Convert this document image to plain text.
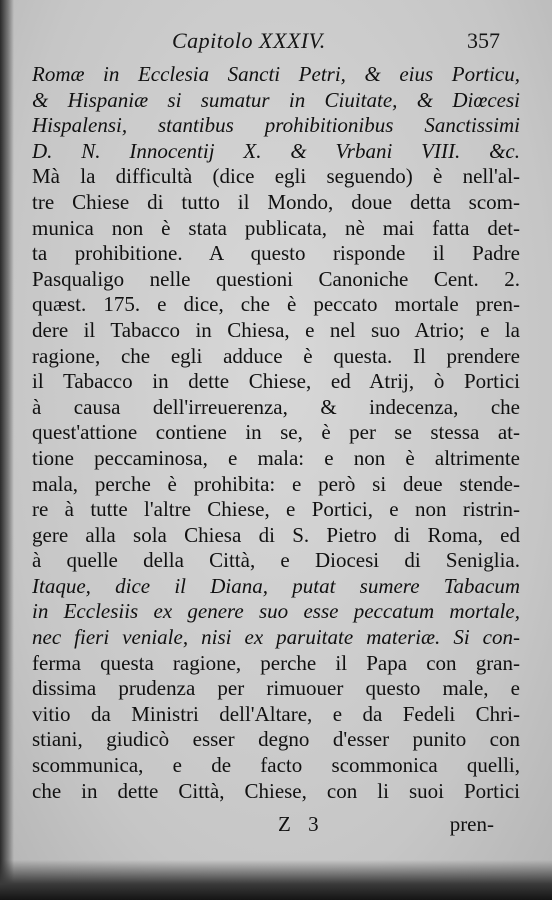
Capitolo XXXIV.	357
Romæ in Ecclesia Sancti Petri, & eius Porticu,
& Hispaniæ si sumatur in Ciuitate, & Diœcesi
Hispalensi, stantibus prohibitionibus Sanctissimi
D. N. Innocentij X. & Vrbani VIII. &c.
Mà la difficultà (dice egli seguendo) è nell'al-
tre Chiese di tutto il Mondo, doue detta scom-
munica non è stata publicata, nè mai fatta det-
ta prohibitione. A questo risponde il Padre
Pasqualigo nelle questioni Canoniche Cent. 2.
quæst. 175. e dice, che è peccato mortale pren-
dere il Tabacco in Chiesa, e nel suo Atrio; e la
ragione, che egli adduce è questa. Il prendere
il Tabacco in dette Chiese, ed Atrij, ò Portici
à causa dell'irreuerenza, & indecenza, che
quest'attione contiene in se, è per se stessa at-
tione peccaminosa, e mala: e non è altrimente
mala, perche è prohibita: e però si deue stende-
re à tutte l'altre Chiese, e Portici, e non ristrin-
gere alla sola Chiesa di S. Pietro di Roma, ed
à quelle della Città, e Diocesi di Seniglia.
Itaque, dice il Diana, putat sumere Tabacum
in Ecclesiis ex genere suo esse peccatum mortale,
nec fieri veniale, nisi ex paruitate materiæ. Si con-
ferma questa ragione, perche il Papa con gran-
dissima prudenza per rimuouer questo male, e
vitio da Ministri dell'Altare, e da Fedeli Chri-
stiani, giudicò esser degno d'esser punito con
scommunica, e de facto scommonica quelli,
che in dette Città, Chiese, con li suoi Portici
Z 3	pren-
